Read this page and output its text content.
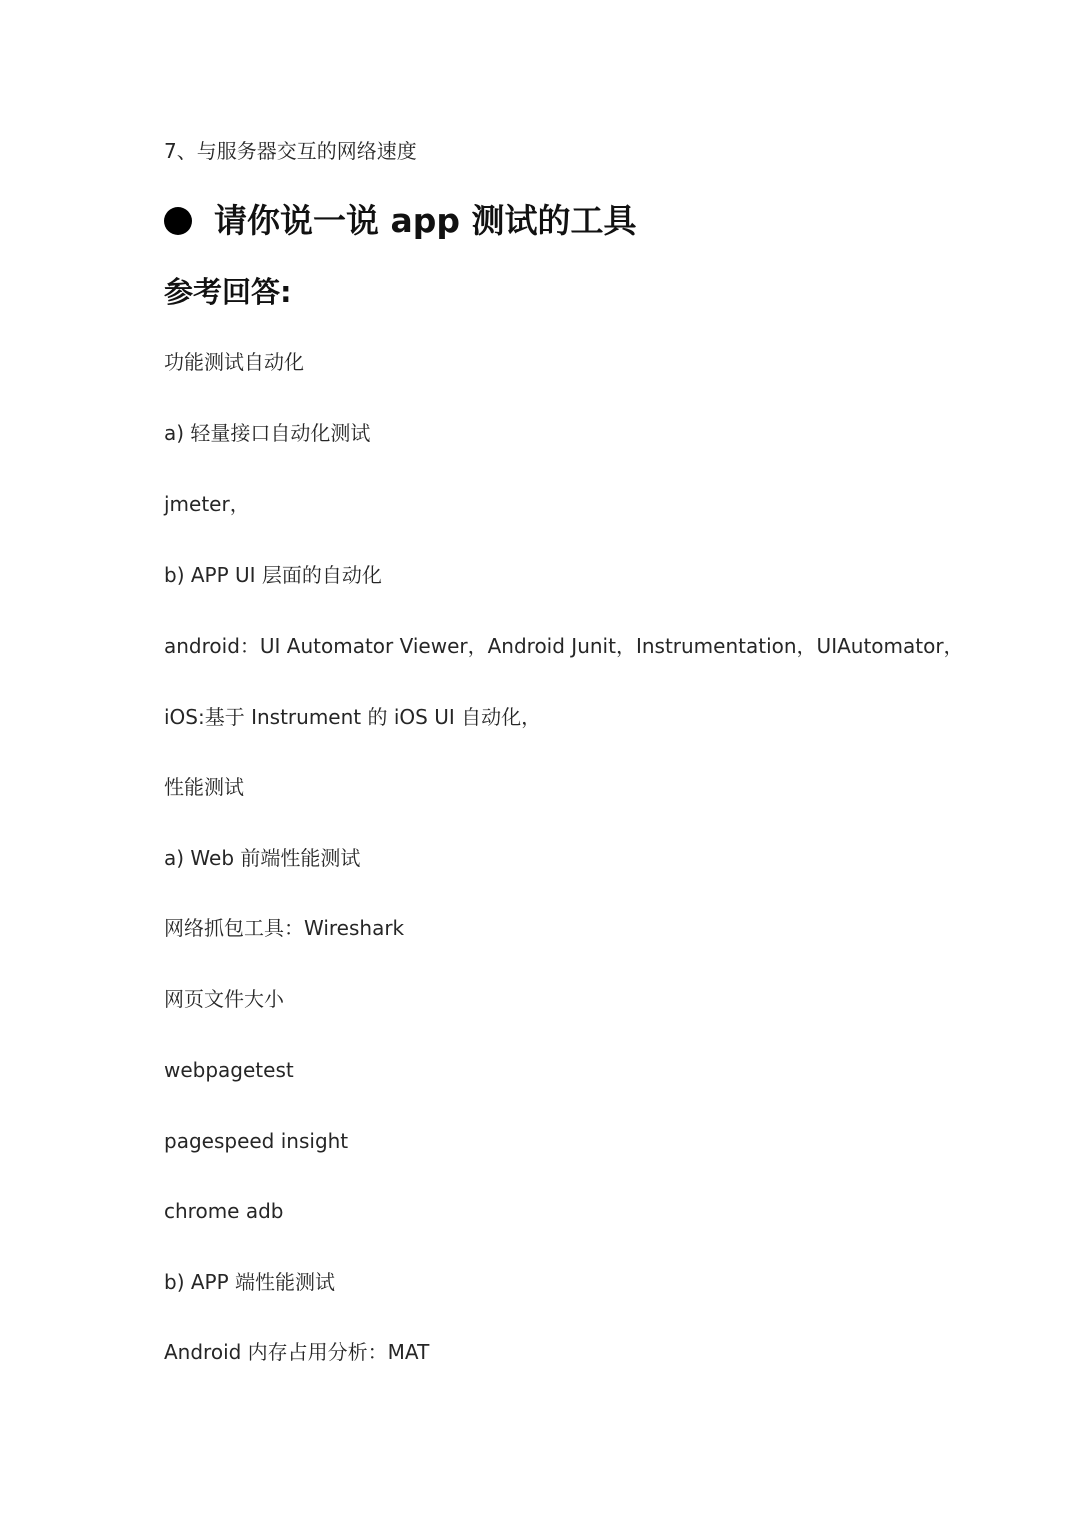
7、与服务器交互的网络速度
请你说一说 app 测试的工具
参考回答:
功能测试自动化
a) 轻量接口自动化测试
jmeter，
b) APP UI 层面的自动化
android：UI Automator Viewer，Android Junit，Instrumentation，UIAutomator，
iOS:基于 Instrument 的 iOS UI 自动化，
性能测试
a) Web 前端性能测试
网络抓包工具：Wireshark
网页文件大小
webpagetest
pagespeed insight
chrome adb
b) APP 端性能测试
Android 内存占用分析：MAT
